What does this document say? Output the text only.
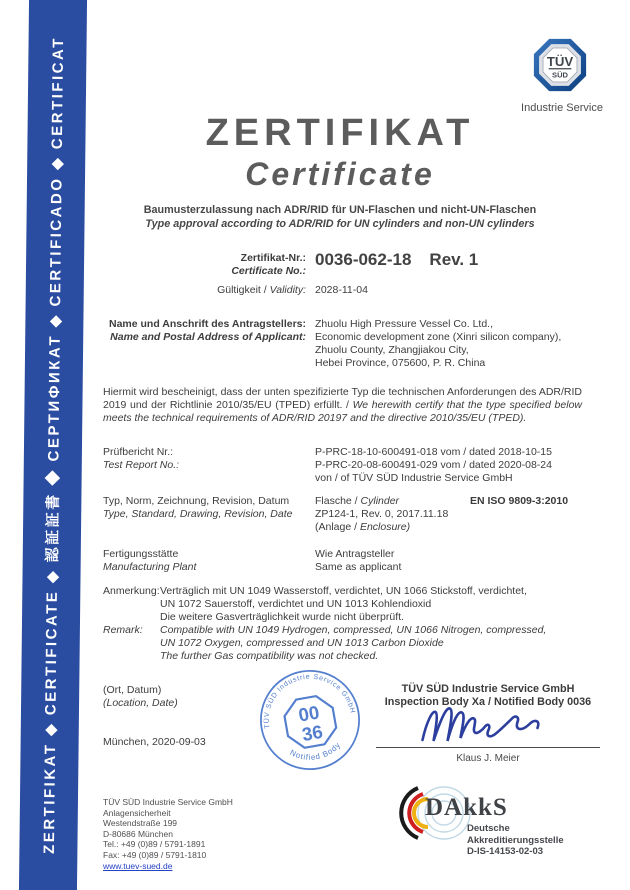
ZERTIFIKAT ◆ CERTIFICATE ◆ 認証証書 ◆ СЕРТИФИКАТ ◆ CERTIFICADO ◆ CERTIFICAT	TÜV
SÜD
Industrie Service
ZERTIFIKAT
Certificate
Baumusterzulassung nach ADR/RID für UN-Flaschen und nicht-UN-Flaschen
Type approval according to ADR/RID for UN cylinders and non-UN cylinders
Zertifikat-Nr.:
Certificate No.:
0036-062-18 Rev. 1
Gültigkeit / Validity: 2028-11-04
Name und Anschrift des Antragstellers:
Name and Postal Address of Applicant:
Zhuolu High Pressure Vessel Co. Ltd.,
Economic development zone (Xinri silicon company),
Zhuolu County, Zhangjiakou City,
Hebei Province, 075600, P. R. China
Hiermit wird bescheinigt, dass der unten spezifizierte Typ die technischen Anforderungen des ADR/RID 2019 und der Richtlinie 2010/35/EU (TPED) erfüllt. / We herewith certify that the type specified below meets the technical requirements of ADR/RID 20197 and the directive 2010/35/EU (TPED).
Prüfbericht Nr.:
Test Report No.:
P-PRC-18-10-600491-018 vom / dated 2018-10-15
P-PRC-20-08-600491-029 vom / dated 2020-08-24
von / of TÜV SÜD Industrie Service GmbH
Typ, Norm, Zeichnung, Revision, Datum
Type, Standard, Drawing, Revision, Date
Flasche / Cylinder	EN ISO 9809-3:2010
ZP124-1, Rev. 0, 2017.11.18
(Anlage / Enclosure)
Fertigungsstätte
Manufacturing Plant
Wie Antragsteller
Same as applicant
Anmerkung: Verträglich mit UN 1049 Wasserstoff, verdichtet, UN 1066 Stickstoff, verdichtet,
UN 1072 Sauerstoff, verdichtet und UN 1013 Kohlendioxid
Die weitere Gasverträglichkeit wurde nicht überprüft.
Remark: Compatible with UN 1049 Hydrogen, compressed, UN 1066 Nitrogen, compressed,
UN 1072 Oxygen, compressed and UN 1013 Carbon Dioxide
The further Gas compatibility was not checked.
(Ort, Datum)
(Location, Date)
München, 2020-09-03
TÜV SÜD Industrie Service GmbH
Notified Body
00
36
TÜV SÜD Industrie Service GmbH
Inspection Body Xa / Notified Body 0036
Klaus J. Meier
TÜV SÜD Industrie Service GmbH
Anlagensicherheit
Westendstraße 199
D-80686 München
Tel.: +49 (0)89 / 5791-1891
Fax: +49 (0)89 / 5791-1810
www.tuev-sued.de
DAkkS
Deutsche
Akkreditierungsstelle
D-IS-14153-02-03
